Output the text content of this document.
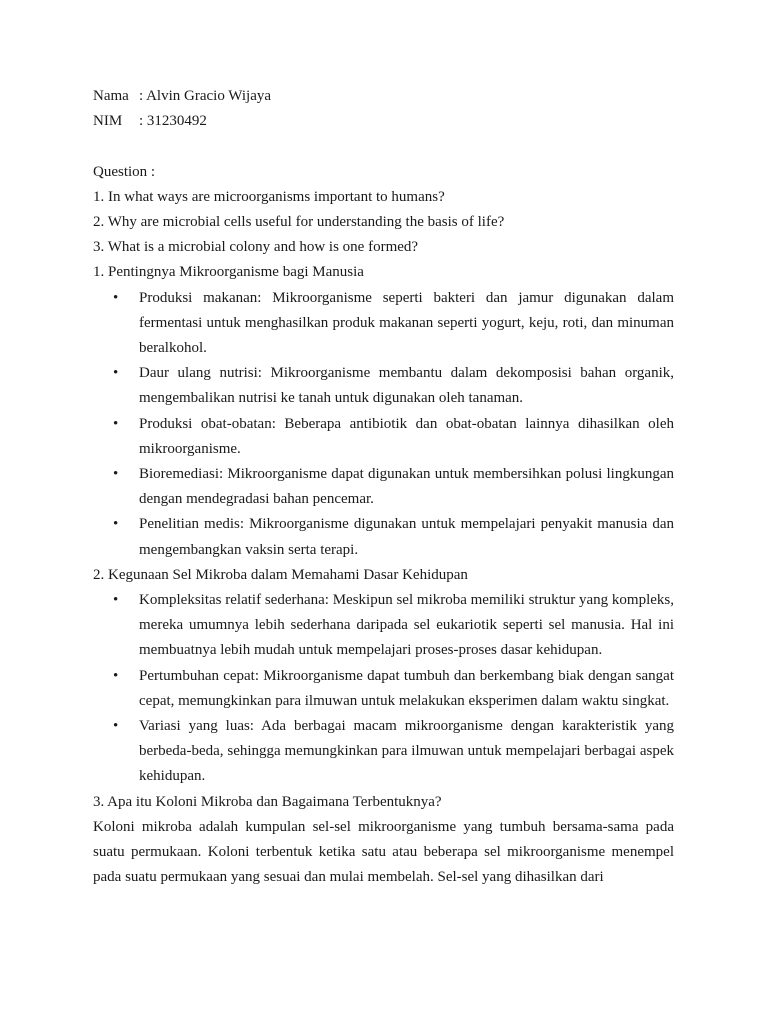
Nama : Alvin Gracio Wijaya
NIM	: 31230492
Question :
1. In what ways are microorganisms important to humans?
2. Why are microbial cells useful for understanding the basis of life?
3. What is a microbial colony and how is one formed?
1. Pentingnya Mikroorganisme bagi Manusia
• Produksi makanan: Mikroorganisme seperti bakteri dan jamur digunakan dalam fermentasi untuk menghasilkan produk makanan seperti yogurt, keju, roti, dan minuman beralkohol.
• Daur ulang nutrisi: Mikroorganisme membantu dalam dekomposisi bahan organik, mengembalikan nutrisi ke tanah untuk digunakan oleh tanaman.
• Produksi obat-obatan: Beberapa antibiotik dan obat-obatan lainnya dihasilkan oleh mikroorganisme.
• Bioremediasi: Mikroorganisme dapat digunakan untuk membersihkan polusi lingkungan dengan mendegradasi bahan pencemar.
• Penelitian medis: Mikroorganisme digunakan untuk mempelajari penyakit manusia dan mengembangkan vaksin serta terapi.
2. Kegunaan Sel Mikroba dalam Memahami Dasar Kehidupan
• Kompleksitas relatif sederhana: Meskipun sel mikroba memiliki struktur yang kompleks, mereka umumnya lebih sederhana daripada sel eukariotik seperti sel manusia. Hal ini membuatnya lebih mudah untuk mempelajari proses-proses dasar kehidupan.
• Pertumbuhan cepat: Mikroorganisme dapat tumbuh dan berkembang biak dengan sangat cepat, memungkinkan para ilmuwan untuk melakukan eksperimen dalam waktu singkat.
• Variasi yang luas: Ada berbagai macam mikroorganisme dengan karakteristik yang berbeda-beda, sehingga memungkinkan para ilmuwan untuk mempelajari berbagai aspek kehidupan.
3. Apa itu Koloni Mikroba dan Bagaimana Terbentuknya?
Koloni mikroba adalah kumpulan sel-sel mikroorganisme yang tumbuh bersama-sama pada suatu permukaan. Koloni terbentuk ketika satu atau beberapa sel mikroorganisme menempel pada suatu permukaan yang sesuai dan mulai membelah. Sel-sel yang dihasilkan dari
